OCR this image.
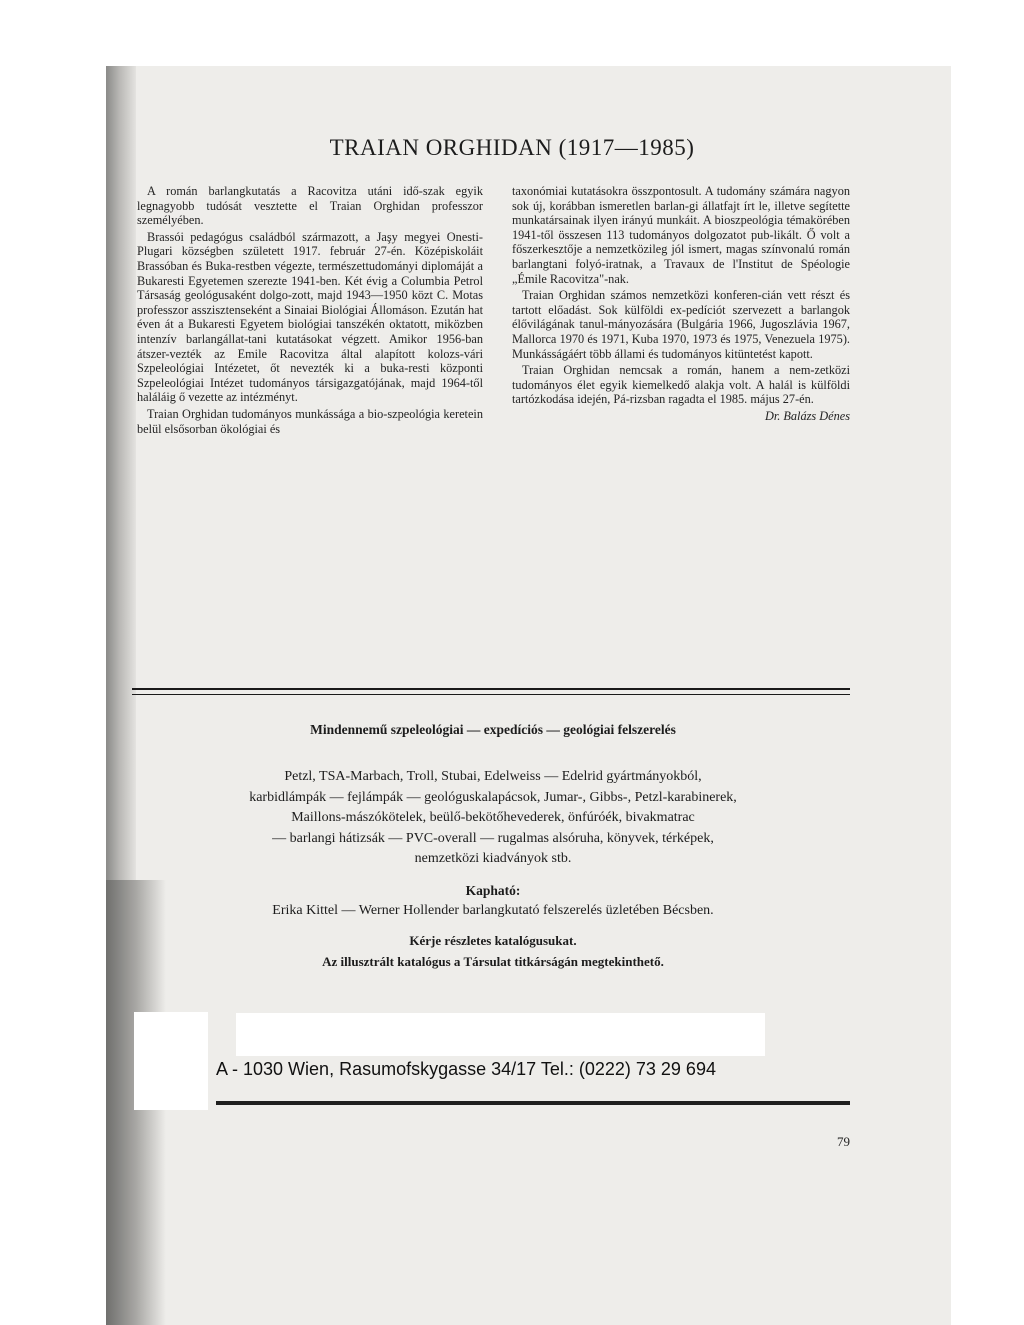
TRAIAN ORGHIDAN (1917—1985)

A román barlangkutatás a Racovitza utáni idő-szak egyik legnagyobb tudósát vesztette el Traian Orghidan professzor személyében.

Brassói pedagógus családból származott, a Jaşy megyei Onesti-Plugari községben született 1917. február 27-én. Középiskoláit Brassóban és Buka-restben végezte, természettudományi diplomáját a Bukaresti Egyetemen szerezte 1941-ben. Két évig a Columbia Petrol Társaság geológusaként dolgo-zott, majd 1943—1950 közt C. Motas professzor asszisztenseként a Sinaiai Biológiai Állomáson. Ezután hat éven át a Bukaresti Egyetem biológiai tanszékén oktatott, miközben intenzív barlangállat-tani kutatásokat végzett. Amikor 1956-ban átszer-vezték az Emile Racovitza által alapított kolozs-vári Szpeleológiai Intézetet, őt nevezték ki a buka-resti központi Szpeleológiai Intézet tudományos társigazgatójának, majd 1964-től haláláig ő vezette az intézményt.

Traian Orghidan tudományos munkássága a bio-szpeológia keretein belül elsősorban ökológiai és

taxonómiai kutatásokra összpontosult. A tudomány számára nagyon sok új, korábban ismeretlen barlan-gi állatfajt írt le, illetve segítette munkatársainak ilyen irányú munkáit. A bioszpeológia témakörében 1941-től összesen 113 tudományos dolgozatot pub-likált. Ő volt a főszerkesztője a nemzetközileg jól ismert, magas színvonalú román barlangtani folyó-iratnak, a Travaux de l'Institut de Spéologie „Émile Racovitza"-nak.

Traian Orghidan számos nemzetközi konferen-cián vett részt és tartott előadást. Sok külföldi ex-pedíciót szervezett a barlangok élővilágának tanul-mányozására (Bulgária 1966, Jugoszlávia 1967, Mallorca 1970 és 1971, Kuba 1970, 1973 és 1975, Venezuela 1975). Munkásságáért több állami és tudományos kitüntetést kapott.

Traian Orghidan nemcsak a román, hanem a nem-zetközi tudományos élet egyik kiemelkedő alakja volt. A halál is külföldi tartózkodása idején, Pá-rizsban ragadta el 1985. május 27-én.

Dr. Balázs Dénes

Mindennemű szpeleológiai — expedíciós — geológiai felszerelés
Petzl, TSA-Marbach, Troll, Stubai, Edelweiss — Edelrid gyártmányokból,
karbidlámpák — fejlámpák — geológuskalapácsok, Jumar-, Gibbs-, Petzl-karabinerek,
Maillons-mászókötelek, beülő-bekötőhevederek, önfúróék, bivakmatrac
— barlangi hátizsák — PVC-overall — rugalmas alsóruha, könyvek, térképek,
nemzetközi kiadványok stb.
Kapható:
Erika Kittel — Werner Hollender barlangkutató felszerelés üzletében Bécsben.
Kérje részletes katalógusukat.
Az illusztrált katalógus a Társulat titkárságán megtekinthető.
A - 1030 Wien, Rasumofskygasse 34/17 Tel.: (0222) 73 29 694
79
